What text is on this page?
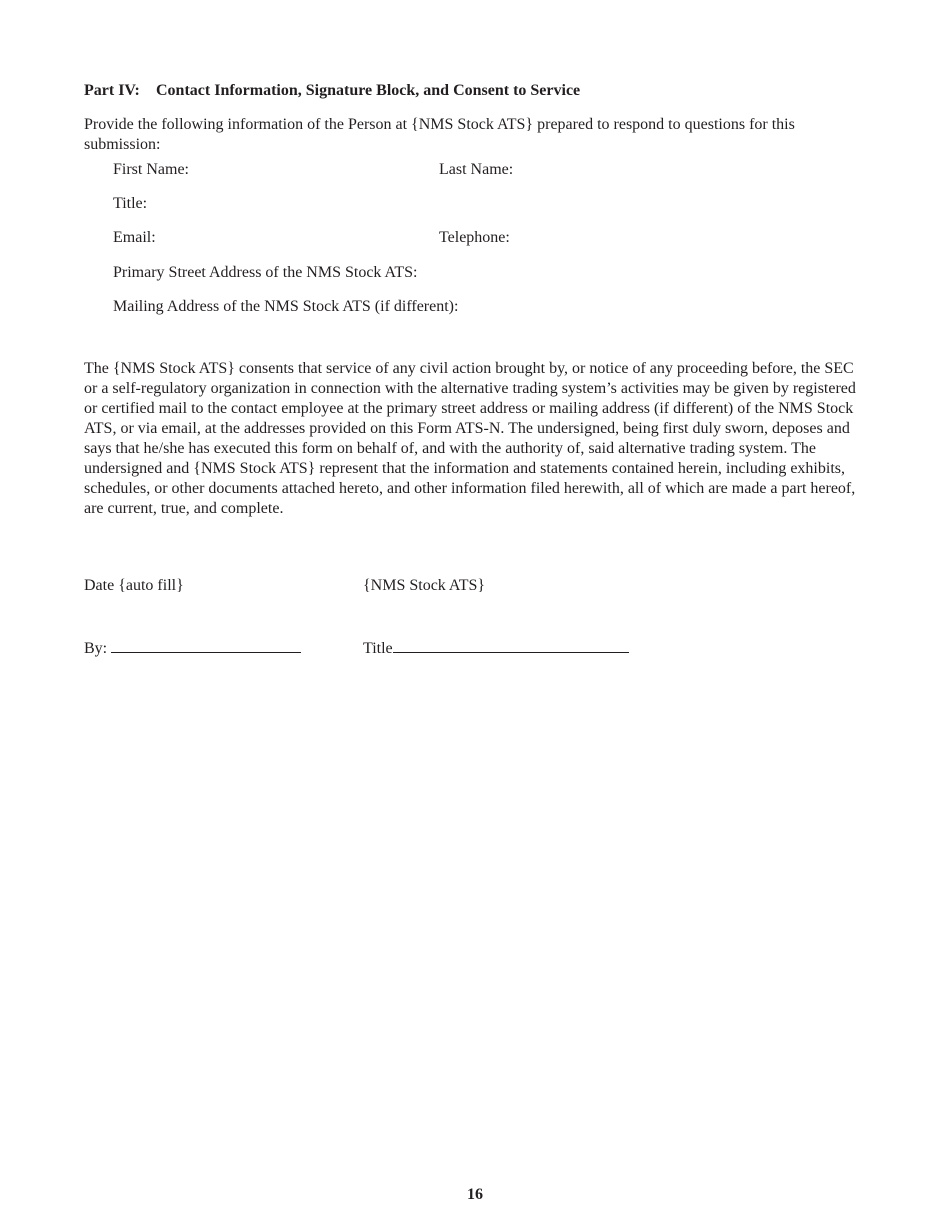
Part IV: Contact Information, Signature Block, and Consent to Service
Provide the following information of the Person at {NMS Stock ATS} prepared to respond to questions for this submission:
First Name:	Last Name:
Title:
Email:	Telephone:
Primary Street Address of the NMS Stock ATS:
Mailing Address of the NMS Stock ATS (if different):
The {NMS Stock ATS} consents that service of any civil action brought by, or notice of any proceeding before, the SEC or a self-regulatory organization in connection with the alternative trading system’s activities may be given by registered or certified mail to the contact employee at the primary street address or mailing address (if different) of the NMS Stock ATS, or via email, at the addresses provided on this Form ATS-N. The undersigned, being first duly sworn, deposes and says that he/she has executed this form on behalf of, and with the authority of, said alternative trading system. The undersigned and {NMS Stock ATS} represent that the information and statements contained herein, including exhibits, schedules, or other documents attached hereto, and other information filed herewith, all of which are made a part hereof, are current, true, and complete.
Date {auto fill}	{NMS Stock ATS}
By:	Title
16
